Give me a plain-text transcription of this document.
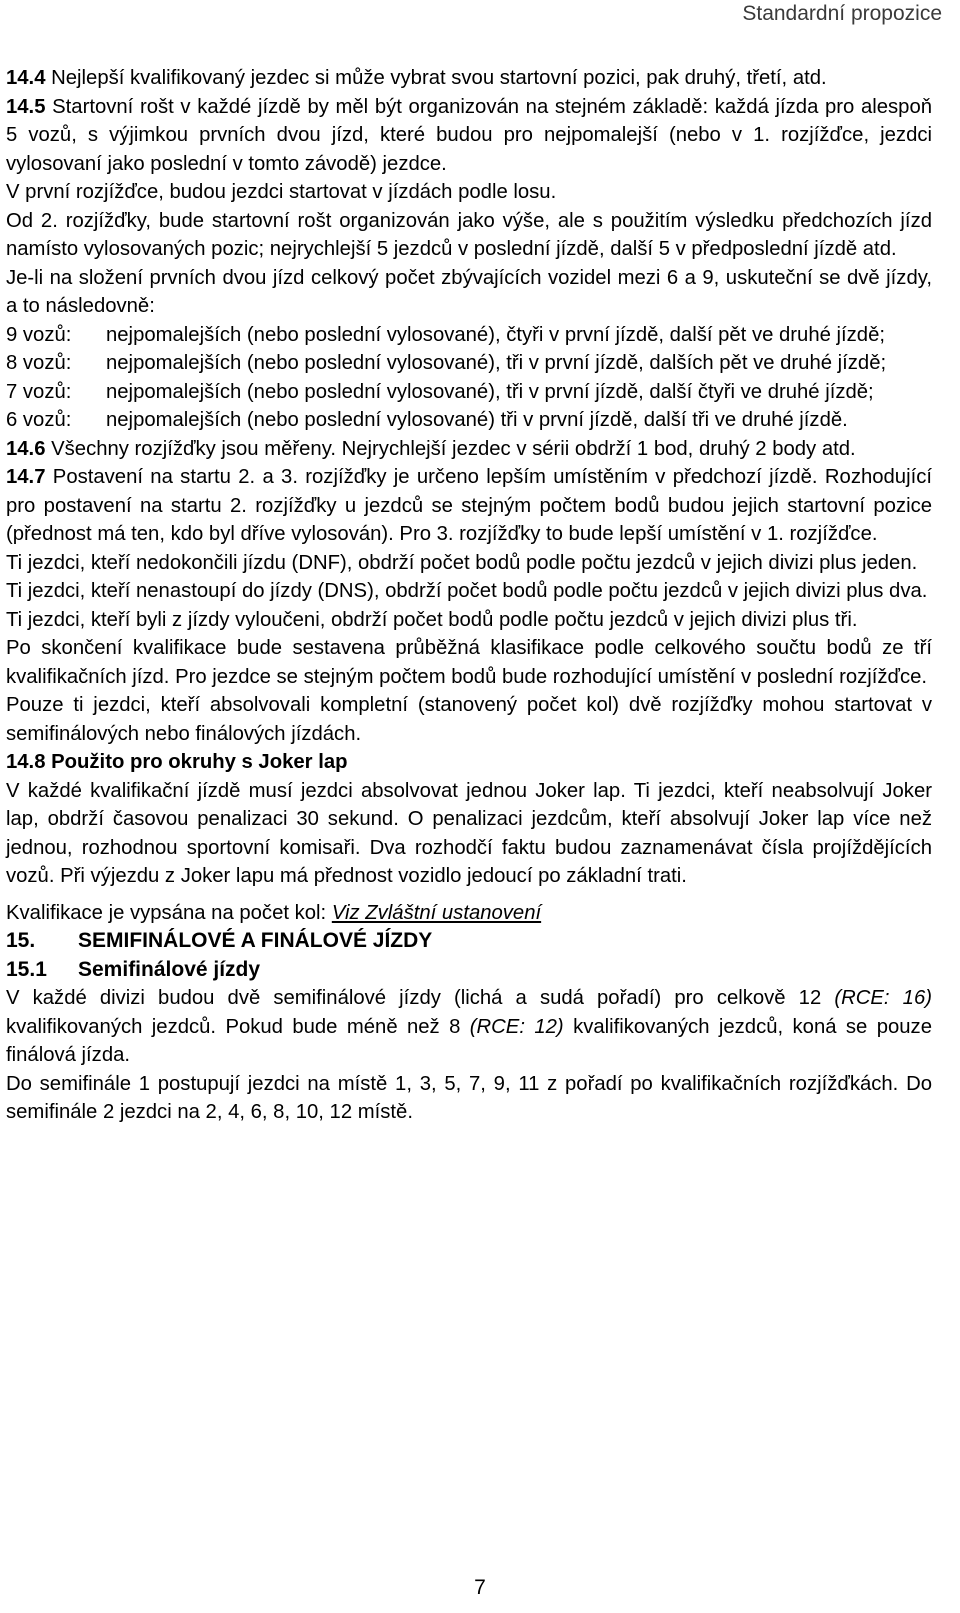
Standardní propozice

14.4 Nejlepší kvalifikovaný jezdec si může vybrat svou startovní pozici, pak druhý, třetí, atd.

14.5 Startovní rošt v každé jízdě by měl být organizován na stejném základě: každá jízda pro alespoň 5 vozů, s výjimkou prvních dvou jízd, které budou pro nejpomalejší (nebo v 1. rozjížďce, jezdci vylosovaní jako poslední v tomto závodě) jezdce.

V první rozjížďce, budou jezdci startovat v jízdách podle losu.

Od 2. rozjížďky, bude startovní rošt organizován jako výše, ale s použitím výsledku předchozích jízd namísto vylosovaných pozic; nejrychlejší 5 jezdců v poslední jízdě, další 5 v předposlední jízdě atd.

Je-li na složení prvních dvou jízd celkový počet zbývajících vozidel mezi 6 a 9, uskuteční se dvě jízdy, a to následovně:

9 vozů:	nejpomalejších (nebo poslední vylosované), čtyři v první jízdě, další pět ve druhé jízdě;
8 vozů:	nejpomalejších (nebo poslední vylosované), tři v první jízdě, dalších pět ve druhé jízdě;
7 vozů:	nejpomalejších (nebo poslední vylosované), tři v první jízdě, další čtyři ve druhé jízdě;
6 vozů:	nejpomalejších (nebo poslední vylosované) tři v první jízdě, další tři ve druhé jízdě.

14.6 Všechny rozjížďky jsou měřeny. Nejrychlejší jezdec v sérii obdrží 1 bod, druhý 2 body atd.

14.7 Postavení na startu 2. a 3. rozjížďky je určeno lepším umístěním v předchozí jízdě. Rozhodující pro postavení na startu 2. rozjížďky u jezdců se stejným počtem bodů budou jejich startovní pozice (přednost má ten, kdo byl dříve vylosován). Pro 3. rozjížďky to bude lepší umístění v 1. rozjížďce.

Ti jezdci, kteří nedokončili jízdu (DNF), obdrží počet bodů podle počtu jezdců v jejich divizi plus jeden.

Ti jezdci, kteří nenastoupí do jízdy (DNS), obdrží počet bodů podle počtu jezdců v jejich divizi plus dva.

Ti jezdci, kteří byli z jízdy vyloučeni, obdrží počet bodů podle počtu jezdců v jejich divizi plus tři.

Po skončení kvalifikace bude sestavena průběžná klasifikace podle celkového součtu bodů ze tří kvalifikačních jízd. Pro jezdce se stejným počtem bodů bude rozhodující umístění v poslední rozjížďce.

Pouze ti jezdci, kteří absolvovali kompletní (stanovený počet kol) dvě rozjížďky mohou startovat v semifinálových nebo finálových jízdách.

14.8 Použito pro okruhy s Joker lap

V každé kvalifikační jízdě musí jezdci absolvovat jednou Joker lap. Ti jezdci, kteří neabsolvují Joker lap, obdrží časovou penalizaci 30 sekund. O penalizaci jezdcům, kteří absolvují Joker lap více než jednou, rozhodnou sportovní komisaři. Dva rozhodčí faktu budou zaznamenávat čísla projíždějících vozů. Při výjezdu z Joker lapu má přednost vozidlo jedoucí po základní trati.

Kvalifikace je vypsána na počet kol: Viz Zvláštní ustanovení

15. SEMIFINÁLOVÉ A FINÁLOVÉ JÍZDY

15.1 Semifinálové jízdy

V každé divizi budou dvě semifinálové jízdy (lichá a sudá pořadí) pro celkově 12 (RCE: 16) kvalifikovaných jezdců. Pokud bude méně než 8 (RCE: 12) kvalifikovaných jezdců, koná se pouze finálová jízda.

Do semifinále 1 postupují jezdci na místě 1, 3, 5, 7, 9, 11 z pořadí po kvalifikačních rozjížďkách. Do semifinále 2 jezdci na 2, 4, 6, 8, 10, 12 místě.

7
